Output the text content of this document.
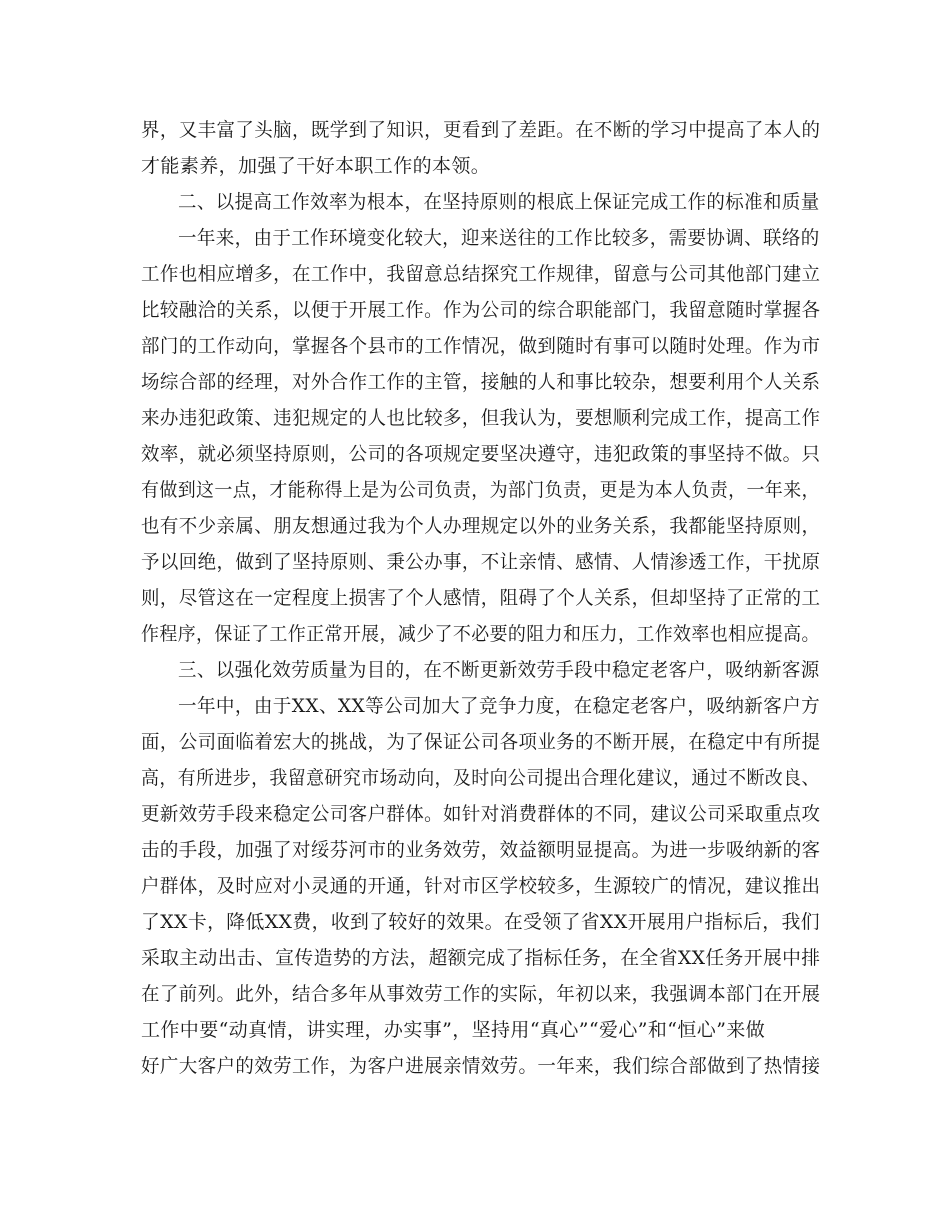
界，又丰富了头脑，既学到了知识，更看到了差距。在不断的学习中提高了本人的
才能素养，加强了干好本职工作的本领。
二、以提高工作效率为根本，在坚持原则的根底上保证完成工作的标准和质量
一年来，由于工作环境变化较大，迎来送往的工作比较多，需要协调、联络的
工作也相应增多，在工作中，我留意总结探究工作规律，留意与公司其他部门建立
比较融洽的关系，以便于开展工作。作为公司的综合职能部门，我留意随时掌握各
部门的工作动向，掌握各个县市的工作情况，做到随时有事可以随时处理。作为市
场综合部的经理，对外合作工作的主管，接触的人和事比较杂，想要利用个人关系
来办违犯政策、违犯规定的人也比较多，但我认为，要想顺利完成工作，提高工作
效率，就必须坚持原则，公司的各项规定要坚决遵守，违犯政策的事坚持不做。只
有做到这一点，才能称得上是为公司负责，为部门负责，更是为本人负责，一年来，
也有不少亲属、朋友想通过我为个人办理规定以外的业务关系，我都能坚持原则，
予以回绝，做到了坚持原则、秉公办事，不让亲情、感情、人情渗透工作，干扰原
则，尽管这在一定程度上损害了个人感情，阻碍了个人关系，但却坚持了正常的工
作程序，保证了工作正常开展，减少了不必要的阻力和压力，工作效率也相应提高。
三、以强化效劳质量为目的，在不断更新效劳手段中稳定老客户，吸纳新客源
一年中，由于XX、XX等公司加大了竞争力度，在稳定老客户，吸纳新客户方
面，公司面临着宏大的挑战，为了保证公司各项业务的不断开展，在稳定中有所提
高，有所进步，我留意研究市场动向，及时向公司提出合理化建议，通过不断改良、
更新效劳手段来稳定公司客户群体。如针对消费群体的不同，建议公司采取重点攻
击的手段，加强了对绥芬河市的业务效劳，效益额明显提高。为进一步吸纳新的客
户群体，及时应对小灵通的开通，针对市区学校较多，生源较广的情况，建议推出
了XX卡，降低XX费，收到了较好的效果。在受领了省XX开展用户指标后，我们
采取主动出击、宣传造势的方法，超额完成了指标任务，在全省XX任务开展中排
在了前列。此外，结合多年从事效劳工作的实际，年初以来，我强调本部门在开展
工作中要“动真情，讲实理，办实事”，坚持用“真心”“爱心”和“恒心”来做
好广大客户的效劳工作，为客户进展亲情效劳。一年来，我们综合部做到了热情接
